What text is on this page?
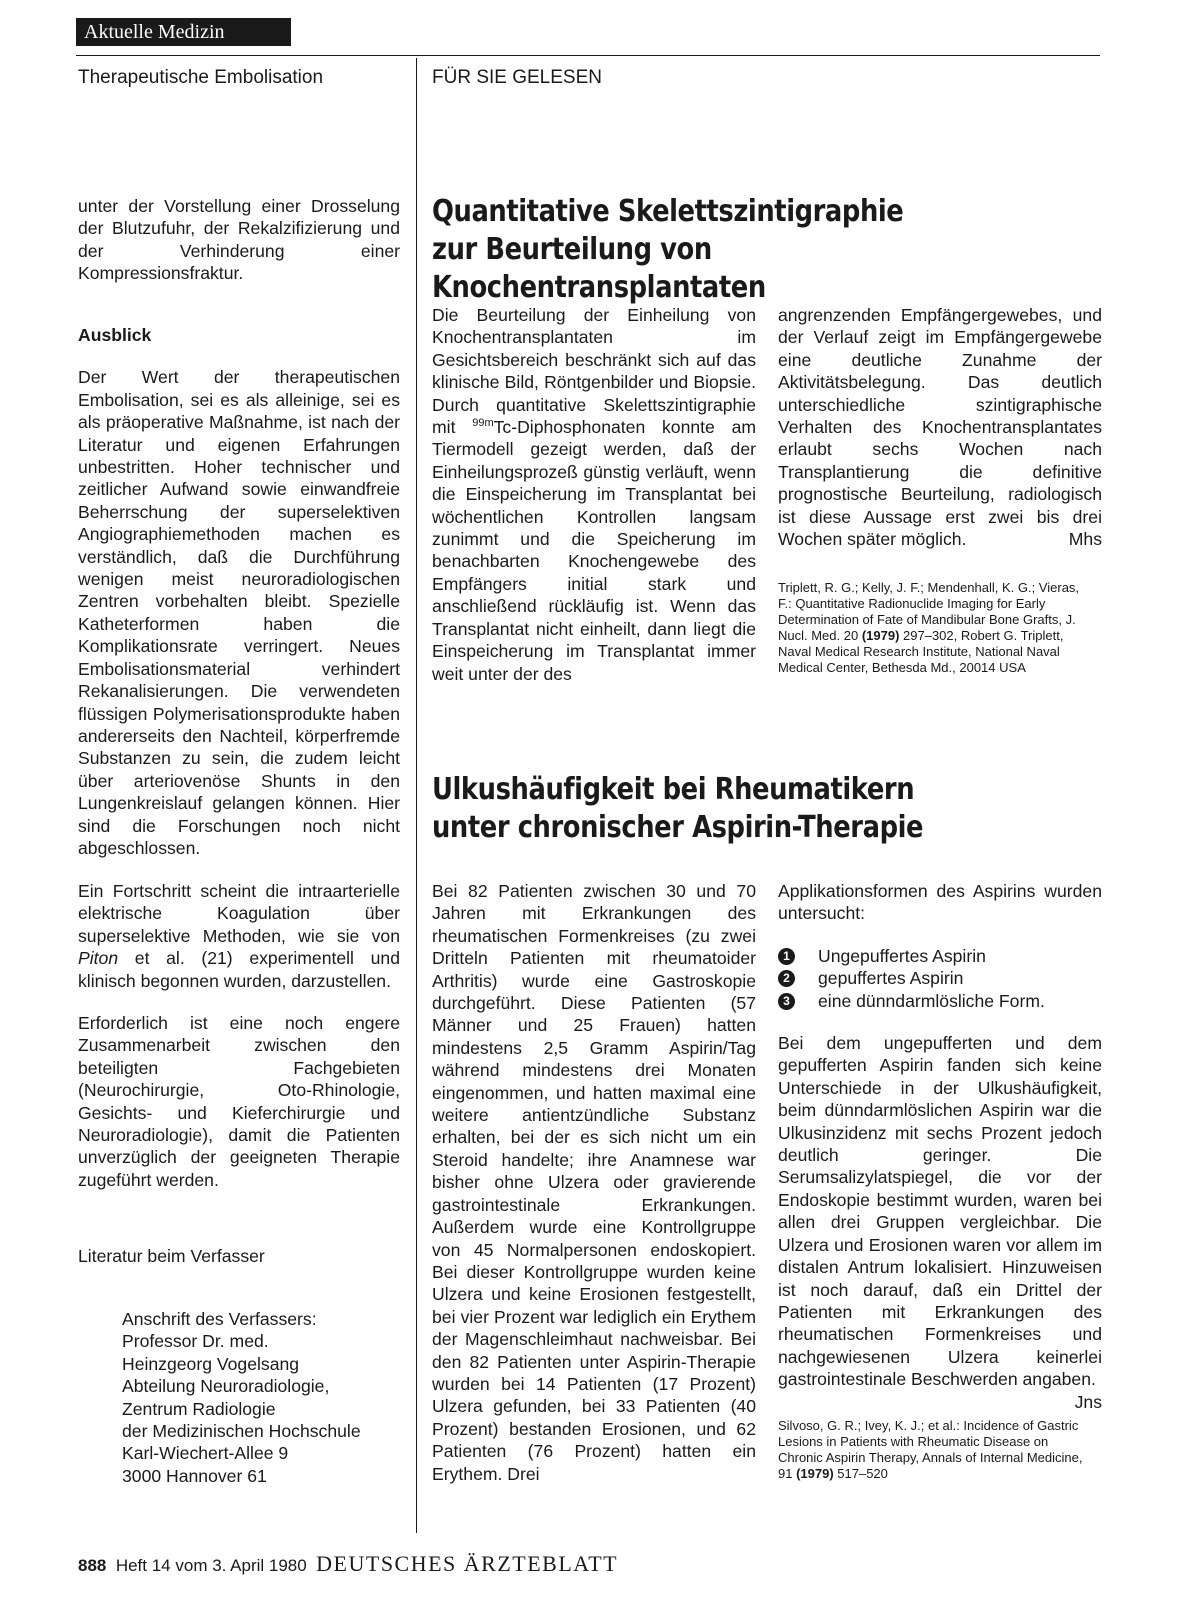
Aktuelle Medizin
Therapeutische Embolisation	FÜR SIE GELESEN

unter der Vorstellung einer Drosselung der Blutzufuhr, der Rekalzifizierung und der Verhinderung einer Kompressionsfraktur.

Ausblick

Der Wert der therapeutischen Embolisation, sei es als alleinige, sei es als präoperative Maßnahme, ist nach der Literatur und eigenen Erfahrungen unbestritten. Hoher technischer und zeitlicher Aufwand sowie einwandfreie Beherrschung der superselektiven Angiographiemethoden machen es verständlich, daß die Durchführung wenigen meist neuroradiologischen Zentren vorbehalten bleibt. Spezielle Katheterformen haben die Komplikationsrate verringert. Neues Embolisationsmaterial verhindert Rekanalisierungen. Die verwendeten flüssigen Polymerisationsprodukte haben andererseits den Nachteil, körperfremde Substanzen zu sein, die zudem leicht über arteriovenöse Shunts in den Lungenkreislauf gelangen können. Hier sind die Forschungen noch nicht abgeschlossen.

Ein Fortschritt scheint die intraarterielle elektrische Koagulation über superselektive Methoden, wie sie von Piton et al. (21) experimentell und klinisch begonnen wurden, darzustellen.

Erforderlich ist eine noch engere Zusammenarbeit zwischen den beteiligten Fachgebieten (Neurochirurgie, Oto-Rhinologie, Gesichts- und Kieferchirurgie und Neuroradiologie), damit die Patienten unverzüglich der geeigneten Therapie zugeführt werden.

Literatur beim Verfasser
Anschrift des Verfassers:
Professor Dr. med.
Heinzgeorg Vogelsang
Abteilung Neuroradiologie,
Zentrum Radiologie
der Medizinischen Hochschule
Karl-Wiechert-Allee 9
3000 Hannover 61
Quantitative Skelettszintigraphie
zur Beurteilung von Knochentransplantaten

Die Beurteilung der Einheilung von Knochentransplantaten im Gesichtsbereich beschränkt sich auf das klinische Bild, Röntgenbilder und Biopsie. Durch quantitative Skelettszintigraphie mit $^{99m}$Tc-Diphosphonaten konnte am Tiermodell gezeigt werden, daß der Einheilungsprozeß günstig verläuft, wenn die Einspeicherung im Transplantat bei wöchentlichen Kontrollen langsam zunimmt und die Speicherung im benachbarten Knochengewebe des Empfängers initial stark und anschließend rückläufig ist. Wenn das Transplantat nicht einheilt, dann liegt die Einspeicherung im Transplantat immer weit unter der des

angrenzenden Empfängergewebes, und der Verlauf zeigt im Empfängergewebe eine deutliche Zunahme der Aktivitätsbelegung. Das deutlich unterschiedliche szintigraphische Verhalten des Knochentransplantates erlaubt sechs Wochen nach Transplantierung die definitive prognostische Beurteilung, radiologisch ist diese Aussage erst zwei bis drei Wochen später möglich.	Mhs

Triplett, R. G.; Kelly, J. F.; Mendenhall, K. G.; Vieras, F.: Quantitative Radionuclide Imaging for Early Determination of Fate of Mandibular Bone Grafts, J. Nucl. Med. 20 (1979) 297–302, Robert G. Triplett, Naval Medical Research Institute, National Naval Medical Center, Bethesda Md., 20014 USA
Ulkushäufigkeit bei Rheumatikern
unter chronischer Aspirin-Therapie

Bei 82 Patienten zwischen 30 und 70 Jahren mit Erkrankungen des rheumatischen Formenkreises (zu zwei Dritteln Patienten mit rheumatoider Arthritis) wurde eine Gastroskopie durchgeführt. Diese Patienten (57 Männer und 25 Frauen) hatten mindestens 2,5 Gramm Aspirin/Tag während mindestens drei Monaten eingenommen, und hatten maximal eine weitere antientzündliche Substanz erhalten, bei der es sich nicht um ein Steroid handelte; ihre Anamnese war bisher ohne Ulzera oder gravierende gastrointestinale Erkrankungen. Außerdem wurde eine Kontrollgruppe von 45 Normalpersonen endoskopiert. Bei dieser Kontrollgruppe wurden keine Ulzera und keine Erosionen festgestellt, bei vier Prozent war lediglich ein Erythem der Magenschleimhaut nachweisbar. Bei den 82 Patienten unter Aspirin-Therapie wurden bei 14 Patienten (17 Prozent) Ulzera gefunden, bei 33 Patienten (40 Prozent) bestanden Erosionen, und 62 Patienten (76 Prozent) hatten ein Erythem. Drei

Applikationsformen des Aspirins wurden untersucht:

1 Ungepuffertes Aspirin
2 gepuffertes Aspirin
3 eine dünndarmlösliche Form.

Bei dem ungepufferten und dem gepufferten Aspirin fanden sich keine Unterschiede in der Ulkushäufigkeit, beim dünndarmlöslichen Aspirin war die Ulkusinzidenz mit sechs Prozent jedoch deutlich geringer. Die Serumsalizylatspiegel, die vor der Endoskopie bestimmt wurden, waren bei allen drei Gruppen vergleichbar. Die Ulzera und Erosionen waren vor allem im distalen Antrum lokalisiert. Hinzuweisen ist noch darauf, daß ein Drittel der Patienten mit Erkrankungen des rheumatischen Formenkreises und nachgewiesenen Ulzera keinerlei gastrointestinale Beschwerden angaben.
Jns

Silvoso, G. R.; Ivey, K. J.; et al.: Incidence of Gastric Lesions in Patients with Rheumatic Disease on Chronic Aspirin Therapy, Annals of Internal Medicine, 91 (1979) 517–520
888 Heft 14 vom 3. April 1980 DEUTSCHES ÄRZTEBLATT
